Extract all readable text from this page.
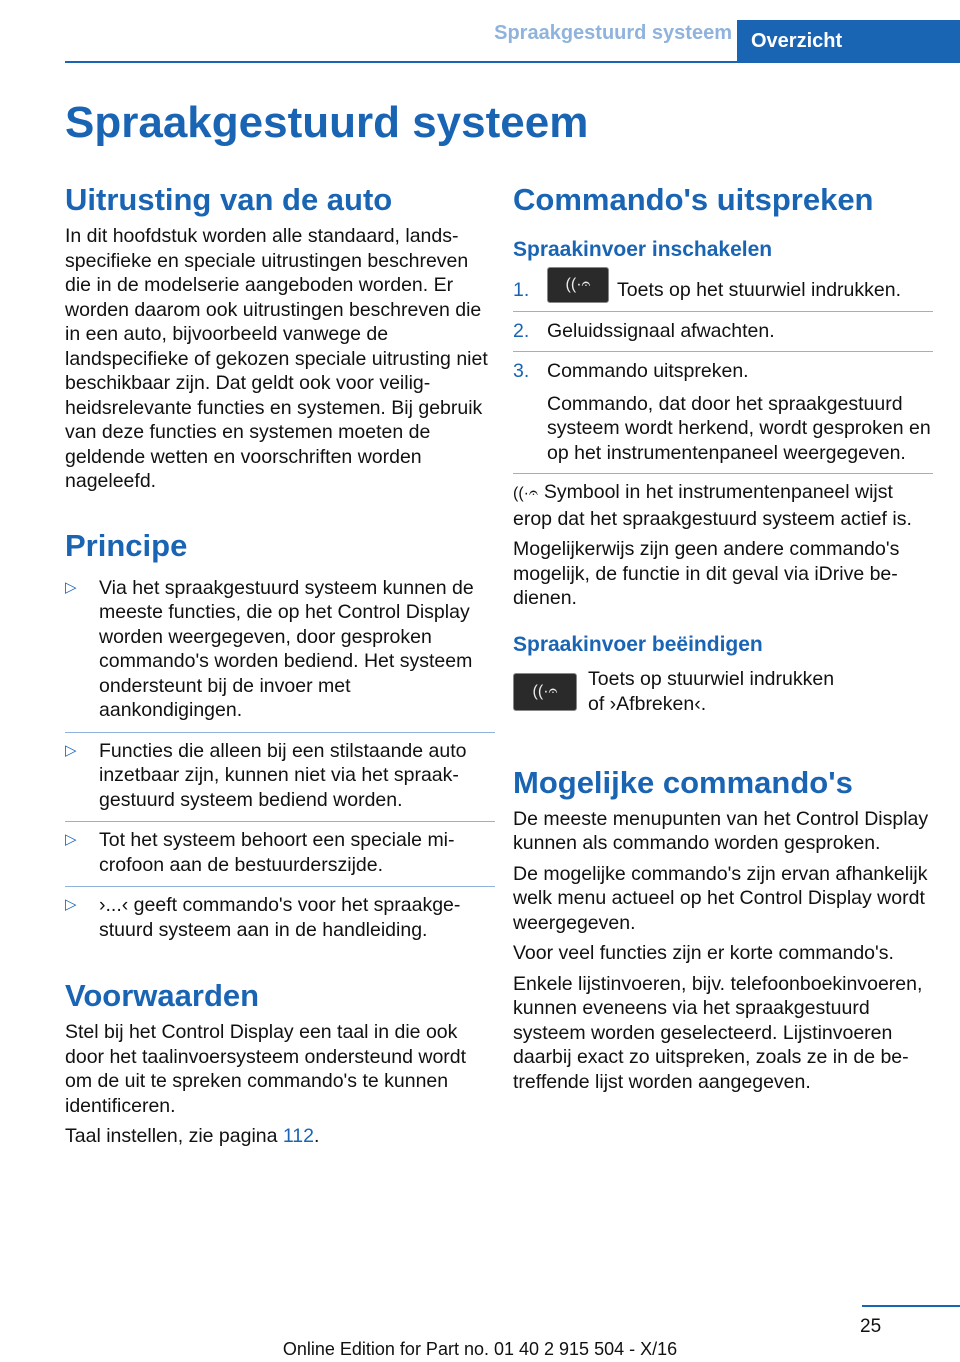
Spraakgestuurd systeem Overzicht
Spraakgestuurd systeem
Uitrusting van de auto

In dit hoofdstuk worden alle standaard, landsspecifieke en speciale uitrustingen beschreven die in de modelserie aangeboden worden. Er worden daarom ook uitrustingen beschreven die in een auto, bijvoorbeeld vanwege de landspecifieke of gekozen speciale uitrusting niet beschikbaar zijn. Dat geldt ook voor veiligheidsrelevante functies en systemen. Bij gebruik van deze functies en systemen moeten de geldende wetten en voorschriften worden nageleefd.

Principe
▷ Via het spraakgestuurd systeem kunnen de meeste functies, die op het Control Display worden weergegeven, door gesproken commando's worden bediend. Het systeem ondersteunt bij de invoer met aankondigingen.
▷ Functies die alleen bij een stilstaande auto inzetbaar zijn, kunnen niet via het spraakgestuurd systeem bediend worden.
▷ Tot het systeem behoort een speciale microfoon aan de bestuurderszijde.
▷ ›...‹ geeft commando's voor het spraakgestuurd systeem aan in de handleiding.
Voorwaarden

Stel bij het Control Display een taal in die ook door het taalinvoersysteem ondersteund wordt om de uit te spreken commando's te kunnen identificeren.

Taal instellen, zie pagina 112.

Commando's uitspreken
Spraakinvoer inschakelen
1. ((·𝄐 Toets op het stuurwiel indrukken.
2. Geluidssignaal afwachten.
3. Commando uitspreken.
Commando, dat door het spraakgestuurd systeem wordt herkend, wordt gesproken en op het instrumentenpaneel weergegeven.

((·𝄐 Symbool in het instrumentenpaneel wijst erop dat het spraakgestuurd systeem actief is.

Mogelijkerwijs zijn geen andere commando's mogelijk, de functie in dit geval via iDrive bedienen.

Spraakinvoer beëindigen
((·𝄐
Toets op stuurwiel indrukken
of ›Afbreken‹.
Mogelijke commando's

De meeste menupunten van het Control Display kunnen als commando worden gesproken.

De mogelijke commando's zijn ervan afhankelijk welk menu actueel op het Control Display wordt weergegeven.

Voor veel functies zijn er korte commando's.

Enkele lijstinvoeren, bijv. telefoonboekinvoeren, kunnen eveneens via het spraakgestuurd systeem worden geselecteerd. Lijstinvoeren daarbij exact zo uitspreken, zoals ze in de betreffende lijst worden aangegeven.

25
Online Edition for Part no. 01 40 2 915 504 - X/16
